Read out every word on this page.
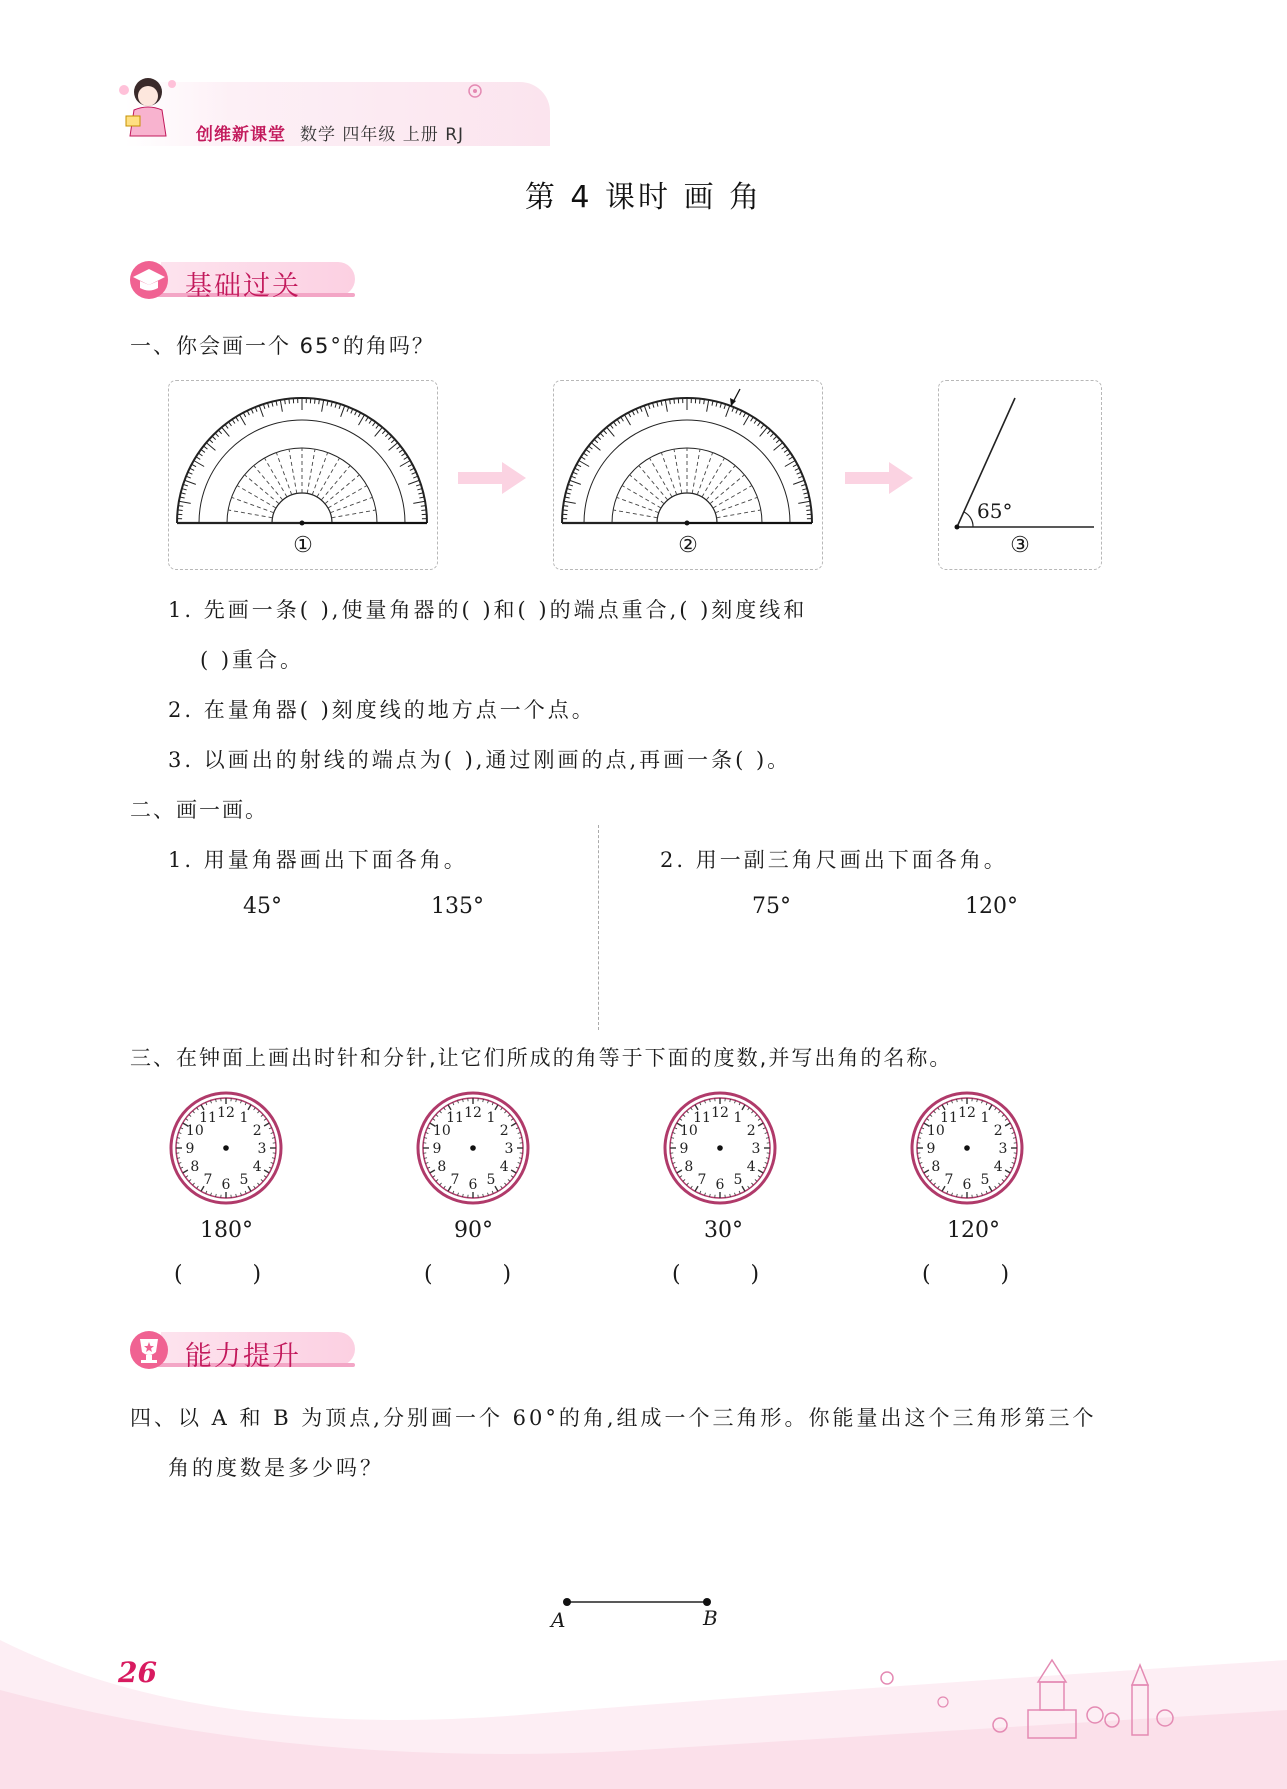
创维新课堂 数学 四年级 上册 RJ
第 4 课时 画 角
基础过关
一、你会画一个 65°的角吗？
①	②
65°
③
1. 先画一条( ),使量角器的( )和( )的端点重合,( )刻度线和
( )重合。
2. 在量角器( )刻度线的地方点一个点。
3. 以画出的射线的端点为( ),通过刚画的点,再画一条( )。
二、画一画。
1. 用量角器画出下面各角。
45°	135°
2. 用一副三角尺画出下面各角。
75°	120°
三、在钟面上画出时针和分针,让它们所成的角等于下面的度数,并写出角的名称。
1
2
3
4
5
6
7
8
9
10
11 12	1
2
3
4
5
6
7
8
9
10
11 12	1
2
3
4
5
6
7
8
9
10
11 12	1
2
3
4
5
6
7
8
9
10
11 12
180°	90°	30°	120°
(          )	(          )	(          )	(          )
能力提升
四、以 A 和 B 为顶点,分别画一个 60°的角,组成一个三角形。你能量出这个三角形第三个
角的度数是多少吗？
A	B
26
